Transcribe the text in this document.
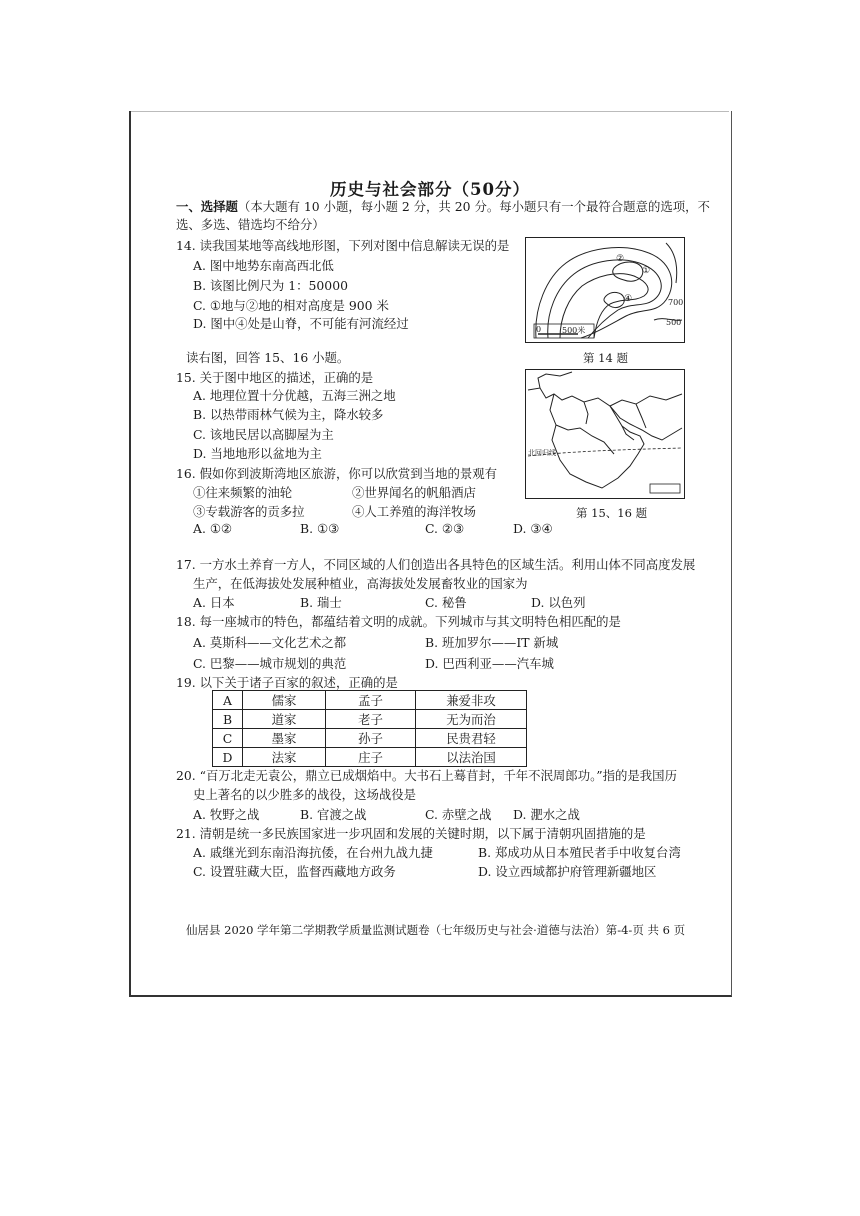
历史与社会部分（50分）
一、选择题（本大题有 10 小题，每小题 2 分，共 20 分。每小题只有一个最符合题意的选项，不
选、多选、错选均不给分）
14. 读我国某地等高线地形图，下列对图中信息解读无误的是
A. 图中地势东南高西北低
B. 该图比例尺为 1：50000
C. ①地与②地的相对高度是 900 米
D. 图中④处是山脊，不可能有河流经过	0	500米
700
500
①
②
④
第 14 题
读右图，回答 15、16 小题。
15. 关于图中地区的描述，正确的是
A. 地理位置十分优越，五海三洲之地
B. 以热带雨林气候为主，降水较多
C. 该地民居以高脚屋为主
D. 当地地形以盆地为主	北回归线
第 15、16 题
16. 假如你到波斯湾地区旅游，你可以欣赏到当地的景观有
①往来频繁的油轮	②世界闻名的帆船酒店
③专载游客的贡多拉	④人工养殖的海洋牧场
A. ①②	B. ①③	C. ②③	D. ③④
17. 一方水土养育一方人，不同区域的人们创造出各具特色的区域生活。利用山体不同高度发展
生产，在低海拔处发展种植业，高海拔处发展畜牧业的国家为
A. 日本	B. 瑞士	C. 秘鲁	D. 以色列
18. 每一座城市的特色，都蕴结着文明的成就。下列城市与其文明特色相匹配的是
A. 莫斯科——文化艺术之都	B. 班加罗尔——IT 新城
C. 巴黎——城市规划的典范	D. 巴西利亚——汽车城
19. 以下关于诸子百家的叙述，正确的是
A	儒家	孟子	兼爱非攻
B	道家	老子	无为而治
C	墨家	孙子	民贵君轻
D	法家	庄子	以法治国
20. “百万北走无袁公，鼎立已成烟焰中。大书石上蓦苜封，千年不泯周郎功。”指的是我国历
史上著名的以少胜多的战役，这场战役是
A. 牧野之战	B. 官渡之战	C. 赤壁之战 D. 淝水之战
21. 清朝是统一多民族国家进一步巩固和发展的关键时期，以下属于清朝巩固措施的是
A. 戚继光到东南沿海抗倭，在台州九战九捷	B. 郑成功从日本殖民者手中收复台湾
C. 设置驻藏大臣，监督西藏地方政务	D. 设立西域都护府管理新疆地区
仙居县 2020 学年第二学期教学质量监测试题卷（七年级历史与社会·道德与法治）第-4-页 共 6 页
